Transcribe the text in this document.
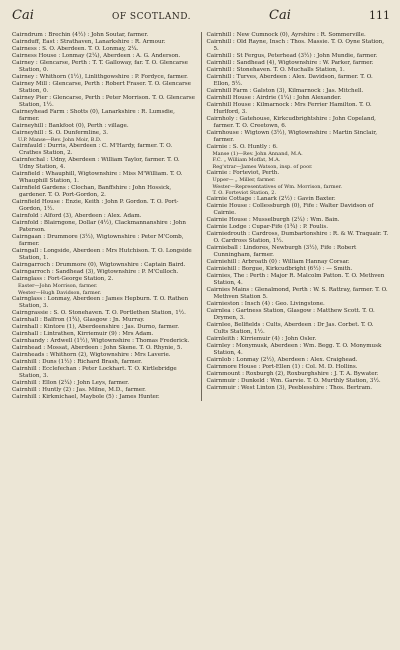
Cai	OF SCOTLAND.	Cai	111

Cairndrum : Brechin (4½) : John Soutar, farmer.

Cairnduff, East : Strathaven, Lanarkshire : R. Armour.

Cairness : S. O. Aberdeen. T. O. Lonmay, 2¼.

Cairness House : Lonmay (2¼), Aberdeen : A. G. Anderson.

Cairney : Glencarse, Perth : T. T. Galloway, far. T. O. Glencarse Station, 0.

Cairney : Whithorn (1½), Linlithgowshire : P. Fordyce, farmer.

Cairney Mill : Glencarse, Perth : Robert Fraser. T. O. Glencarse Station, 0.

Cairney Pier : Glencarse, Perth : Peter Morrison. T. O. Glencarse Station, 1½.

Cairneyhead Farm : Shotts (0), Lanarkshire : R. Lumsdie, farmer.

Cairneyhill : Bankfoot (0), Perth : village.

Cairneyhill : S. O. Dunfermline, 3.

U.P. Manse—Rev. John Moir, B.D.

Cairnfauld : Durris, Aberdeen : C. M'Hardy, farmer. T. O. Crathes Station, 2.

Cairnfechal : Udny, Aberdeen : William Taylor, farmer. T. O. Udny Station, 4.

Cairnfield : Whauphill, Wigtownshire : Miss M'William. T. O. Whauphill Station, 1.

Cairnfield Gardens : Clochan, Banffshire : John Hossick, gardener. T. O. Port-Gordon, 2.

Cairnfield House : Enzie, Keith : John P. Gordon. T. O. Port-Gordon, 1½.

Cairnfold : Alford (3), Aberdeen : Alex. Adam.

Cairnfold : Blairngone, Dollar (4½), Clackmannanshire : John Paterson.

Cairngaan : Drummore (3½), Wigtownshire : Peter M'Comb, farmer.

Cairngall : Longside, Aberdeen : Mrs Hutchison. T. O. Longside Station, 1.

Cairngarroch : Drummore (0), Wigtownshire : Captain Baird.

Cairngarroch : Sandhead (3), Wigtownshire : P. M'Culloch.

Cairnglass : Fort-George Station, 2.

Easter—John Morrison, farmer.

Wester—Hugh Davidson, farmer.

Cairnglass : Lonmay, Aberdeen : James Hepburn. T. O. Rathen Station, 3.

Cairngrassie : S. O. Stonehaven. T. O. Portlethen Station, 1½.

Cairnhall : Balfron (1¾), Glasgow : Jn. Murray.

Cairnhall : Kintore (1), Aberdeenshire : Jas. Durno, farmer.

Cairnhall : Lintrathen, Kirriemuir (9) : Mrs Adam.

Cairnhandy : Ardwell (1½), Wigtownshire : Thomas Frederick.

Cairnhead : Mossat, Aberdeen : John Skene. T. O. Rhynie, 5.

Cairnheads : Whithorn (2), Wigtownshire : Mrs Laverie.

Cairnhill : Duns (1½) : Richard Brash, farmer.

Cairnhill : Ecclefechan : Peter Lockhart. T. O. Kirtlebridge Station, 3.

Cairnhill : Ellon (2¼) : John Leys, farmer.

Cairnhill : Huntly (2) : Jas. Milne, M.D., farmer.

Cairnhill : Kirkmichael, Maybole (5) : James Hunter.

Cairnhill : New Cumnock (0), Ayrshire : R. Sommerville.

Cairnhill : Old Rayne, Insch : Thos. Massie. T. O. Oyne Station, 5.

Cairnhill : St Fergus, Peterhead (3½) : John Mundie, farmer.

Cairnhill : Sandhead (4), Wigtownshire : W. Parker, farmer.

Cairnhill : Stonehaven. T. O. Muchalls Station, 1.

Cairnhill : Turves, Aberdeen : Alex. Davidson, farmer. T. O. Ellon, 5½.

Cairnhill Farm : Galston (3), Kilmarnock : Jas. Mitchell.

Cairnhill House : Airdrie (1¼) : John Alexander.

Cairnhill House : Kilmarnock : Mrs Ferrier Hamilton. T. O. Hurlford, 3.

Cairnholy : Gatehouse, Kirkcudbrightshire : John Copeland, farmer. T. O. Creetown, 6.

Cairnhouse : Wigtown (3½), Wigtownshire : Martin Sinclair, farmer.

Cairnie : S. O. Huntly : 6.

Manse (1)—Rev. John Annand, M.A.

F.C. „ William Moffat, M.A.

Reg'strar—James Watson, insp. of poor.

Cairnie : Forteviot, Perth.

Upper— „ Miller, farmer.

Wester—Representatives of Wm. Morrison, farmer.

T. O. Forteviot Station, 2.

Cairnie Cottage : Lanark (2½) : Gavin Baxter.

Cairnie House : Collessburgh (0), Fife : Walter Davidson of Cairnie.

Cairnie House : Musselburgh (2¼) : Wm. Bain.

Cairnie Lodge : Cupar-Fife (1¾) : P. Foulis.

Cairniedrouth : Cardross, Dumbartonshire : R. & W. Traquair. T. O. Cardross Station, 1½.

Cairnieball : Lindores, Newburgh (3½), Fife : Robert Cunningham, farmer.

Cairniehill : Arbroath (0) : William Hannay Corsar.

Cairniehill : Borgue, Kirkcudbright (6½) : — Smith.

Cairnies, The : Perth : Major R. Malcolm Patton. T. O. Methven Station, 4.

Cairnies Mains : Glenalmond, Perth : W. S. Rattray, farmer. T. O. Methven Station 5.

Cairnieston : Insch (4) : Geo. Livingstone.

Cairnlea : Gartness Station, Glasgow : Matthew Scott. T. O. Drymen, 3.

Cairnlee, Bellfields : Cults, Aberdeen : Dr Jas. Corbet. T. O. Cults Station, 1½.

Cairnleith : Kirriemuir (4) : John Osler.

Cairnley : Monymusk, Aberdeen : Wm. Begg. T. O. Monymusk Station, 4.

Cairnlob : Lonmay (2½), Aberdeen : Alex. Craighead.

Cairnmore House : Port-Ellen (1) : Col. M. D. Hollins.

Cairnmount : Roxburgh (2), Roxburghshire : J. T. A. Bywater.

Cairnmuir : Dunkeld : Wm. Garvie. T. O. Murthly Station, 3½.

Cairnmuir : West Linton (3), Peeblesshire : Thos. Bertram.
